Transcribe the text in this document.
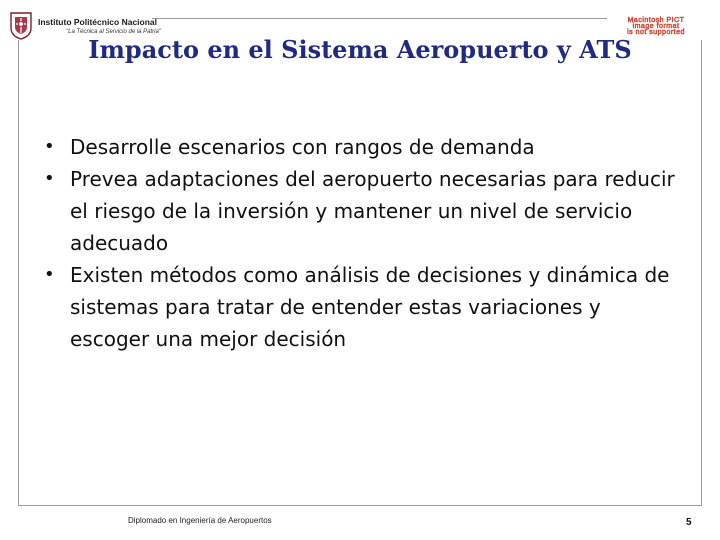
Instituto Politécnico Nacional
"La Técnica al Servicio de la Patria"
Macintosh PICT
image format
is not supported
Impacto en el Sistema Aeropuerto y ATS
• Desarrolle escenarios con rangos de demanda
• Prevea adaptaciones del aeropuerto necesarias para reducir el riesgo de la inversión y mantener un nivel de servicio adecuado
• Existen métodos como análisis de decisiones y dinámica de sistemas para tratar de entender estas variaciones y escoger una mejor decisión
Diplomado en Ingeniería de Aeropuertos	5
